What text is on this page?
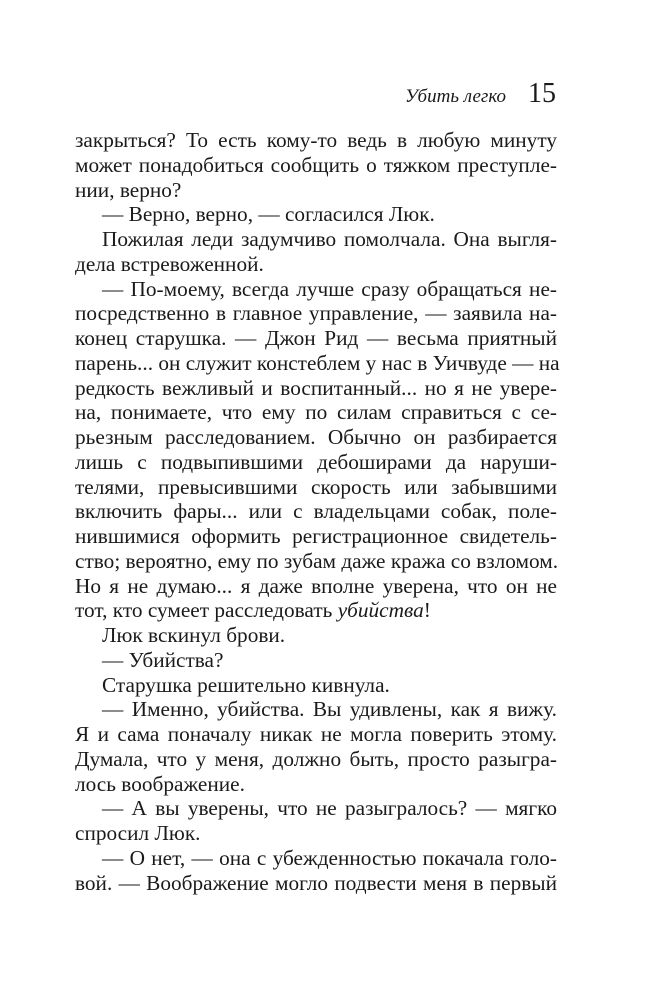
Убить легко 15
закрыться? То есть кому-то ведь в любую минуту
может понадобиться сообщить о тяжком преступле-
нии, верно?
— Верно, верно, — согласился Люк.
Пожилая леди задумчиво помолчала. Она выгля-
дела встревоженной.
— По-моему, всегда лучше сразу обращаться не-
посредственно в главное управление, — заявила на-
конец старушка. — Джон Рид — весьма приятный
парень... он служит констеблем у нас в Уичвуде — на
редкость вежливый и воспитанный... но я не увере-
на, понимаете, что ему по силам справиться с се-
рьезным расследованием. Обычно он разбирается
лишь с подвыпившими дебоширами да наруши-
телями, превысившими скорость или забывшими
включить фары... или с владельцами собак, поле-
нившимися оформить регистрационное свидетель-
ство; вероятно, ему по зубам даже кража со взломом.
Но я не думаю... я даже вполне уверена, что он не
тот, кто сумеет расследовать убийства!
Люк вскинул брови.
— Убийства?
Старушка решительно кивнула.
— Именно, убийства. Вы удивлены, как я вижу.
Я и сама поначалу никак не могла поверить этому.
Думала, что у меня, должно быть, просто разыгра-
лось воображение.
— А вы уверены, что не разыгралось? — мягко
спросил Люк.
— О нет, — она с убежденностью покачала голо-
вой. — Воображение могло подвести меня в первый
